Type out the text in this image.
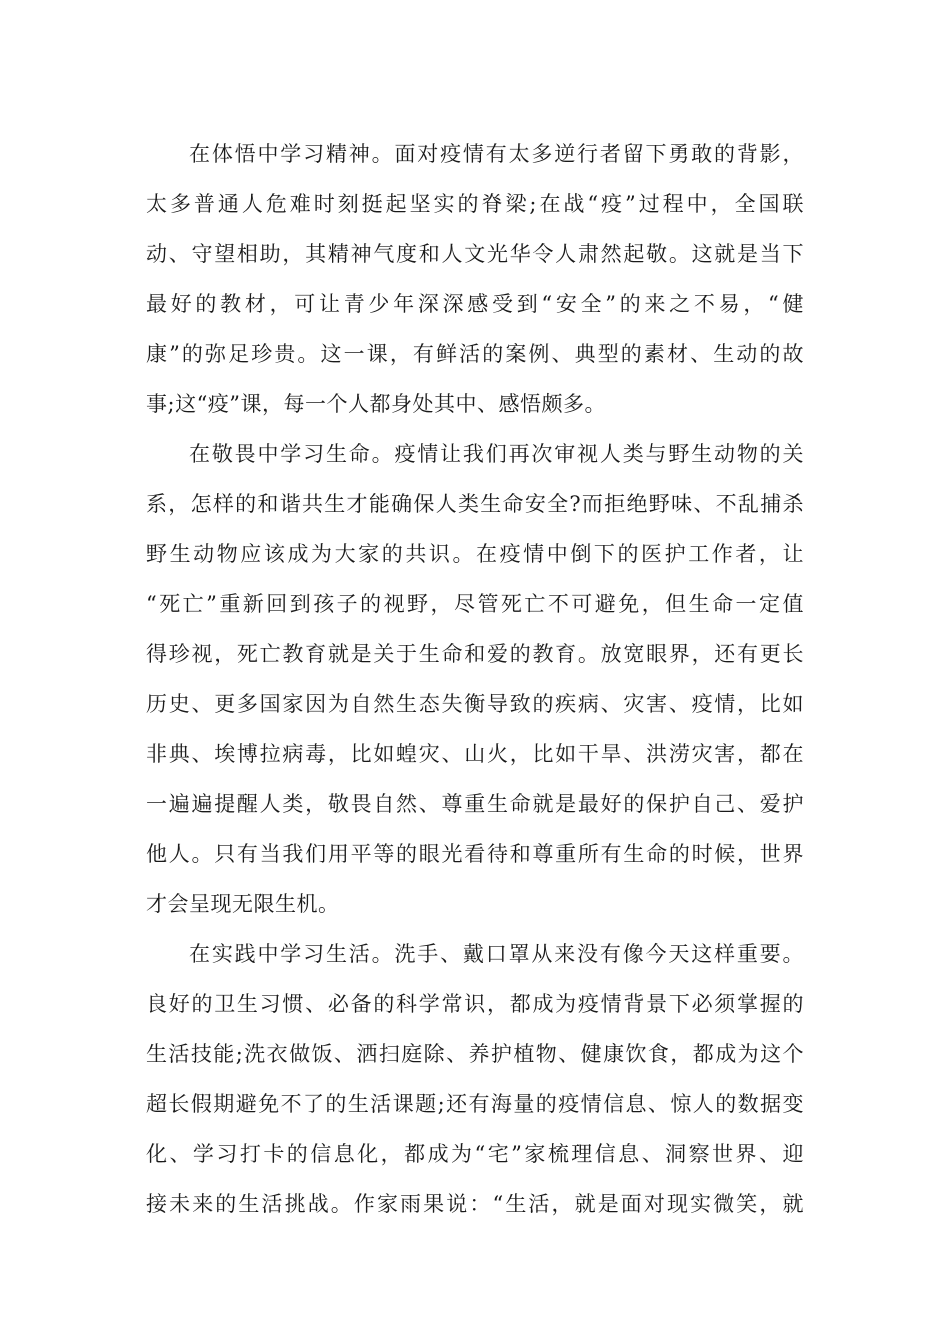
在体悟中学习精神。面对疫情有太多逆行者留下勇敢的背影，
太多普通人危难时刻挺起坚实的脊梁;在战“疫”过程中，全国联
动、守望相助，其精神气度和人文光华令人肃然起敬。这就是当下
最好的教材，可让青少年深深感受到“安全”的来之不易，“健
康”的弥足珍贵。这一课，有鲜活的案例、典型的素材、生动的故
事;这“疫”课，每一个人都身处其中、感悟颇多。
在敬畏中学习生命。疫情让我们再次审视人类与野生动物的关
系，怎样的和谐共生才能确保人类生命安全?而拒绝野味、不乱捕杀
野生动物应该成为大家的共识。在疫情中倒下的医护工作者，让
“死亡”重新回到孩子的视野，尽管死亡不可避免，但生命一定值
得珍视，死亡教育就是关于生命和爱的教育。放宽眼界，还有更长
历史、更多国家因为自然生态失衡导致的疾病、灾害、疫情，比如
非典、埃博拉病毒，比如蝗灾、山火，比如干旱、洪涝灾害，都在
一遍遍提醒人类，敬畏自然、尊重生命就是最好的保护自己、爱护
他人。只有当我们用平等的眼光看待和尊重所有生命的时候，世界
才会呈现无限生机。
在实践中学习生活。洗手、戴口罩从来没有像今天这样重要。
良好的卫生习惯、必备的科学常识，都成为疫情背景下必须掌握的
生活技能;洗衣做饭、洒扫庭除、养护植物、健康饮食，都成为这个
超长假期避免不了的生活课题;还有海量的疫情信息、惊人的数据变
化、学习打卡的信息化，都成为“宅”家梳理信息、洞察世界、迎
接未来的生活挑战。作家雨果说：“生活，就是面对现实微笑，就
